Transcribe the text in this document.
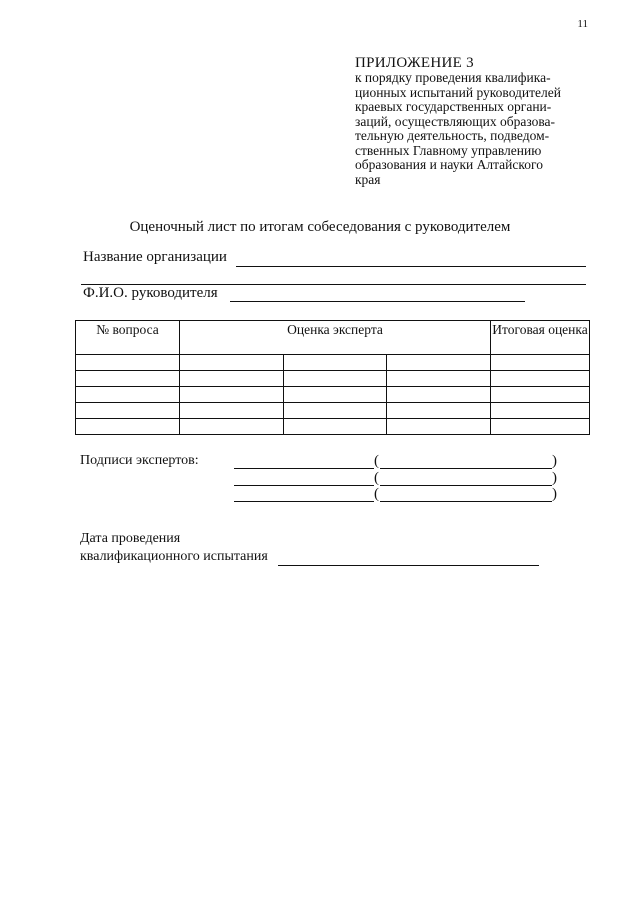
11
ПРИЛОЖЕНИЕ 3
к порядку проведения квалифика-
ционных испытаний руководителей
краевых государственных органи-
заций, осуществляющих образова-
тельную деятельность, подведом-
ственных Главному управлению
образования и науки Алтайского
края
Оценочный лист по итогам собеседования с руководителем
Название организации
Ф.И.О. руководителя
№ вопроса	Оценка эксперта			Итоговая оценка

Подписи экспертов:	(	)
(	)
(	)
Дата проведения
квалификационного испытания
